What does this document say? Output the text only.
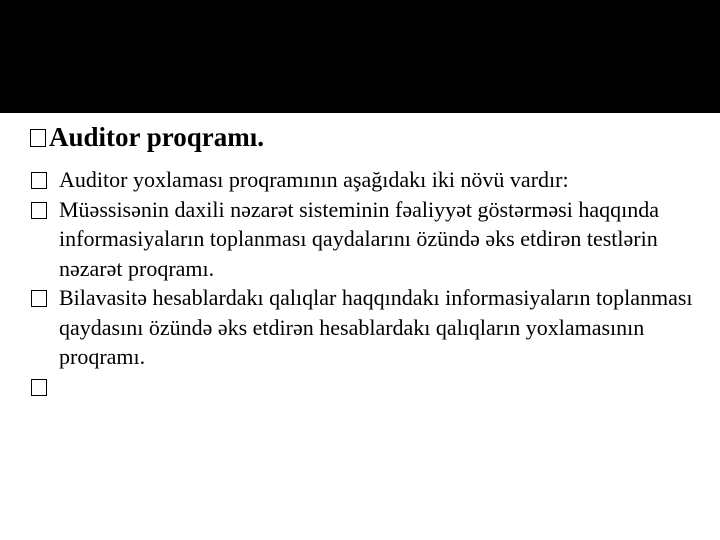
Auditor proqramı.
Auditor yoxlaması proqramının aşağıdakı iki növü vardır:
Müəssisənin daxili nəzarət sisteminin fəaliyyət göstərməsi haqqında informasiyaların toplanması qaydalarını özündə əks etdirən testlərin nəzarət proqramı.
Bilavasitə hesablardakı qalıqlar haqqındakı informasiyaların toplanması qaydasını özündə əks etdirən hesablardakı qalıqların yoxlamasının proqramı.
